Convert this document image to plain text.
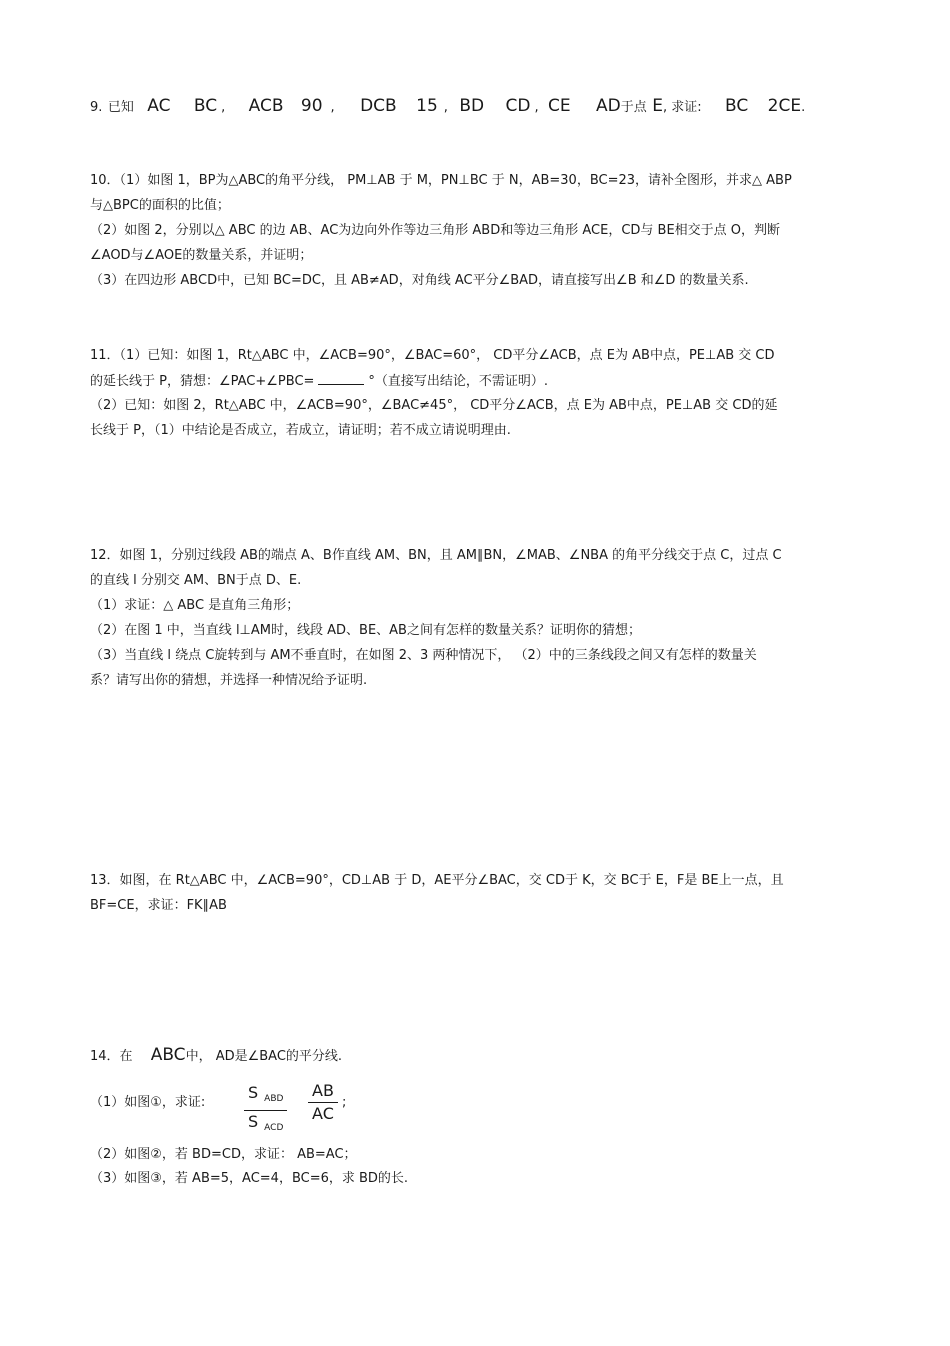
9. 已知 AC BC , ACB 90 , DCB 15 , BD CD , CE AD于点 E, 求证: BC 2CE.
10．（1）如图 1，BP为△ABC的角平分线， PM⊥AB 于 M，PN⊥BC 于 N，AB=30，BC=23，请补全图形，并求△ ABP
与△BPC的面积的比值；
（2）如图 2，分别以△ ABC 的边 AB、AC为边向外作等边三角形 ABD和等边三角形 ACE，CD与 BE相交于点 O，判断
∠AOD与∠AOE的数量关系，并证明；
（3）在四边形 ABCD中，已知 BC=DC，且 AB≠AD，对角线 AC平分∠BAD，请直接写出∠B 和∠D 的数量关系.
11．（1）已知：如图 1，Rt△ABC 中，∠ACB=90°，∠BAC=60°， CD平分∠ACB，点 E为 AB中点，PE⊥AB 交 CD
的延长线于 P，猜想：∠PAC+∠PBC=	°（直接写出结论，不需证明）.
（2）已知：如图 2，Rt△ABC 中，∠ACB=90°，∠BAC≠45°， CD平分∠ACB，点 E为 AB中点，PE⊥AB 交 CD的延
长线于 P，（1）中结论是否成立，若成立，请证明；若不成立请说明理由.
12．如图 1，分别过线段 AB的端点 A、B作直线 AM、BN，且 AM∥BN，∠MAB、∠NBA 的角平分线交于点 C，过点 C
的直线 l 分别交 AM、BN于点 D、E.
（1）求证：△ ABC 是直角三角形；
（2）在图 1 中，当直线 l⊥AM时，线段 AD、BE、AB之间有怎样的数量关系？证明你的猜想；
（3）当直线 l 绕点 C旋转到与 AM不垂直时，在如图 2、3 两种情况下， （2）中的三条线段之间又有怎样的数量关
系？请写出你的猜想，并选择一种情况给予证明.
13．如图，在 Rt△ABC 中，∠ACB=90°，CD⊥AB 于 D，AE平分∠BAC，交 CD于 K，交 BC于 E，F是 BE上一点，且
BF=CE，求证：FK∥AB
14．在 ABC中， AD是∠BAC的平分线.
（1）如图①，求证:
S $_{ABD}$
S $_{ACD}$
$\frac{AB}{AC}$ ;
（2）如图②，若 BD=CD，求证： AB=AC；
（3）如图③，若 AB=5，AC=4，BC=6，求 BD的长.
